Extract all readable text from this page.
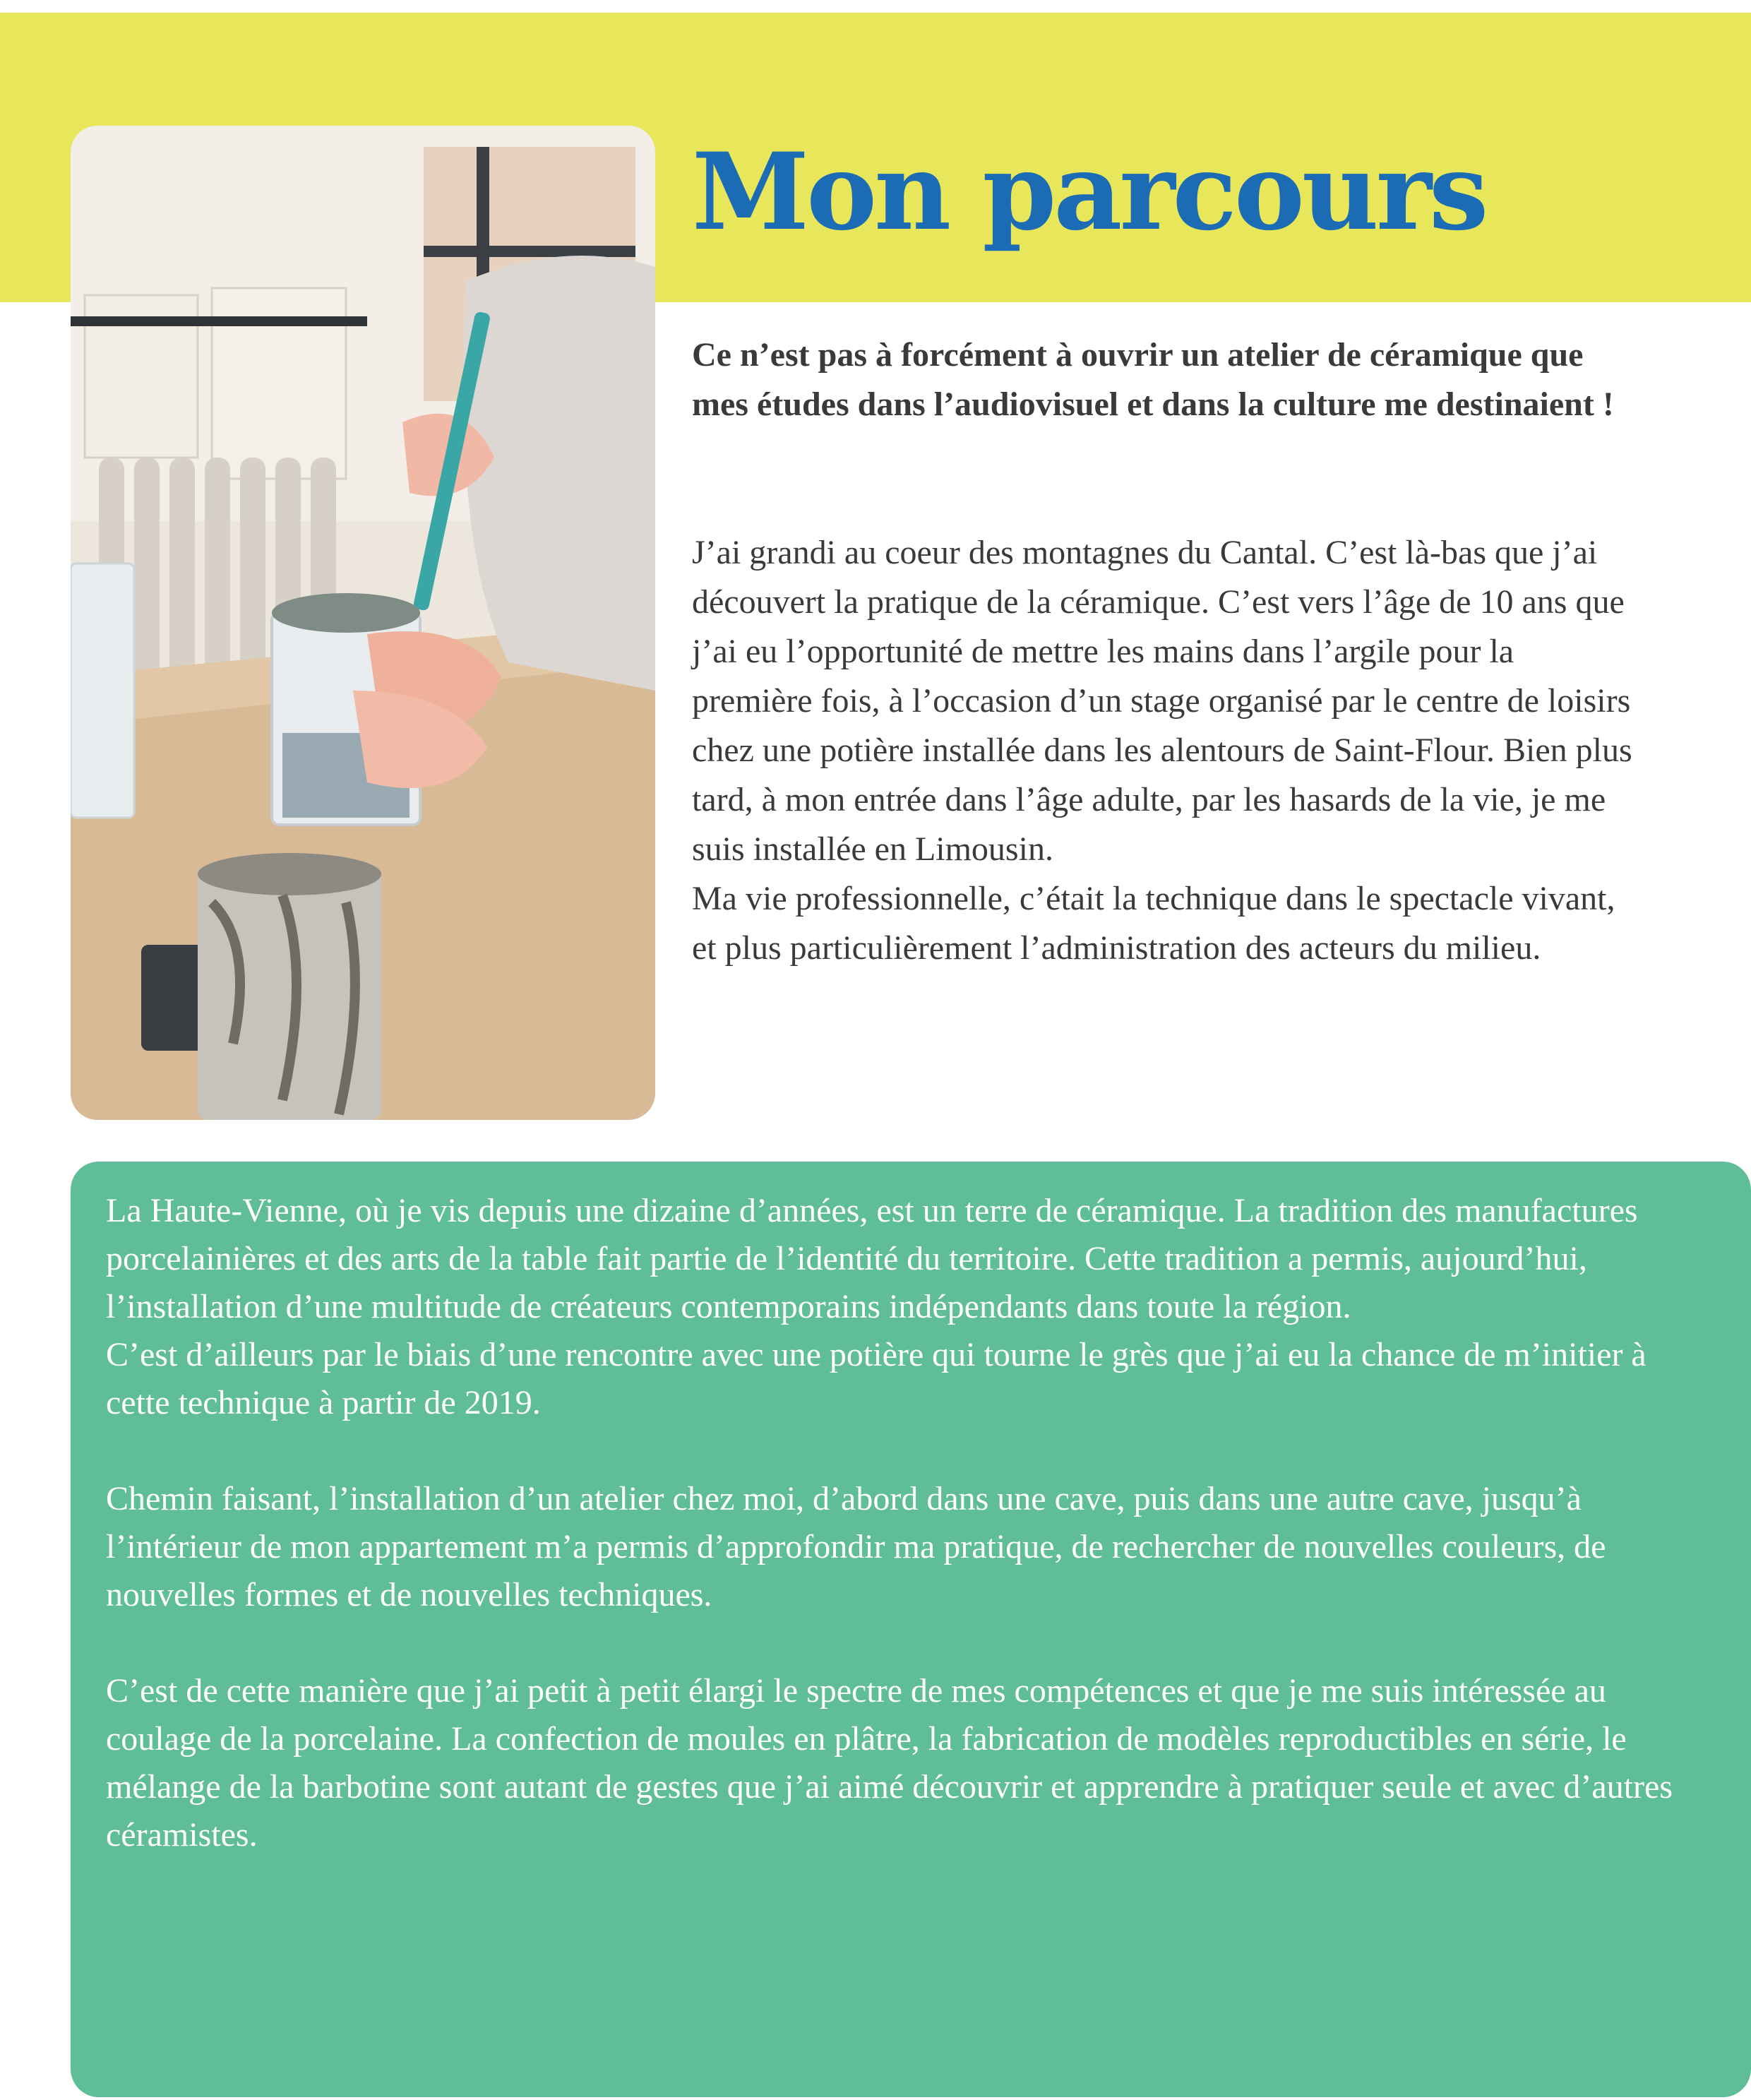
Mon parcours

Ce n’est pas à forcément à ouvrir un atelier de céramique que mes études dans l’audiovisuel et dans la culture me destinaient !

J’ai grandi au coeur des montagnes du Cantal. C’est là-bas que j’ai découvert la pratique de la céramique. C’est vers l’âge de 10 ans que j’ai eu l’opportunité de mettre les mains dans l’argile pour la première fois, à l’occasion d’un stage organisé par le centre de loisirs chez une potière installée dans les alentours de Saint-Flour. Bien plus tard, à mon entrée dans l’âge adulte, par les hasards de la vie, je me suis installée en Limousin.

Ma vie professionnelle, c’était la technique dans le spectacle vivant, et plus particulièrement l’administration des acteurs du milieu.

La Haute-Vienne, où je vis depuis une dizaine d’années, est un terre de céramique. La tradition des manufactures porcelainières et des arts de la table fait partie de l’identité du territoire. Cette tradition a permis, aujourd’hui, l’installation d’une multitude de créateurs contemporains indépendants dans toute la région.

C’est d’ailleurs par le biais d’une rencontre avec une potière qui tourne le grès que j’ai eu la chance de m’initier à cette technique à partir de 2019.

Chemin faisant, l’installation d’un atelier chez moi, d’abord dans une cave, puis dans une autre cave, jusqu’à l’intérieur de mon appartement m’a permis d’approfondir ma pratique, de rechercher de nouvelles couleurs, de nouvelles formes et de nouvelles techniques.

C’est de cette manière que j’ai petit à petit élargi le spectre de mes compétences et que je me suis intéressée au coulage de la porcelaine. La confection de moules en plâtre, la fabrication de modèles reproductibles en série, le mélange de la barbotine sont autant de gestes que j’ai aimé découvrir et apprendre à pratiquer seule et avec d’autres céramistes.
